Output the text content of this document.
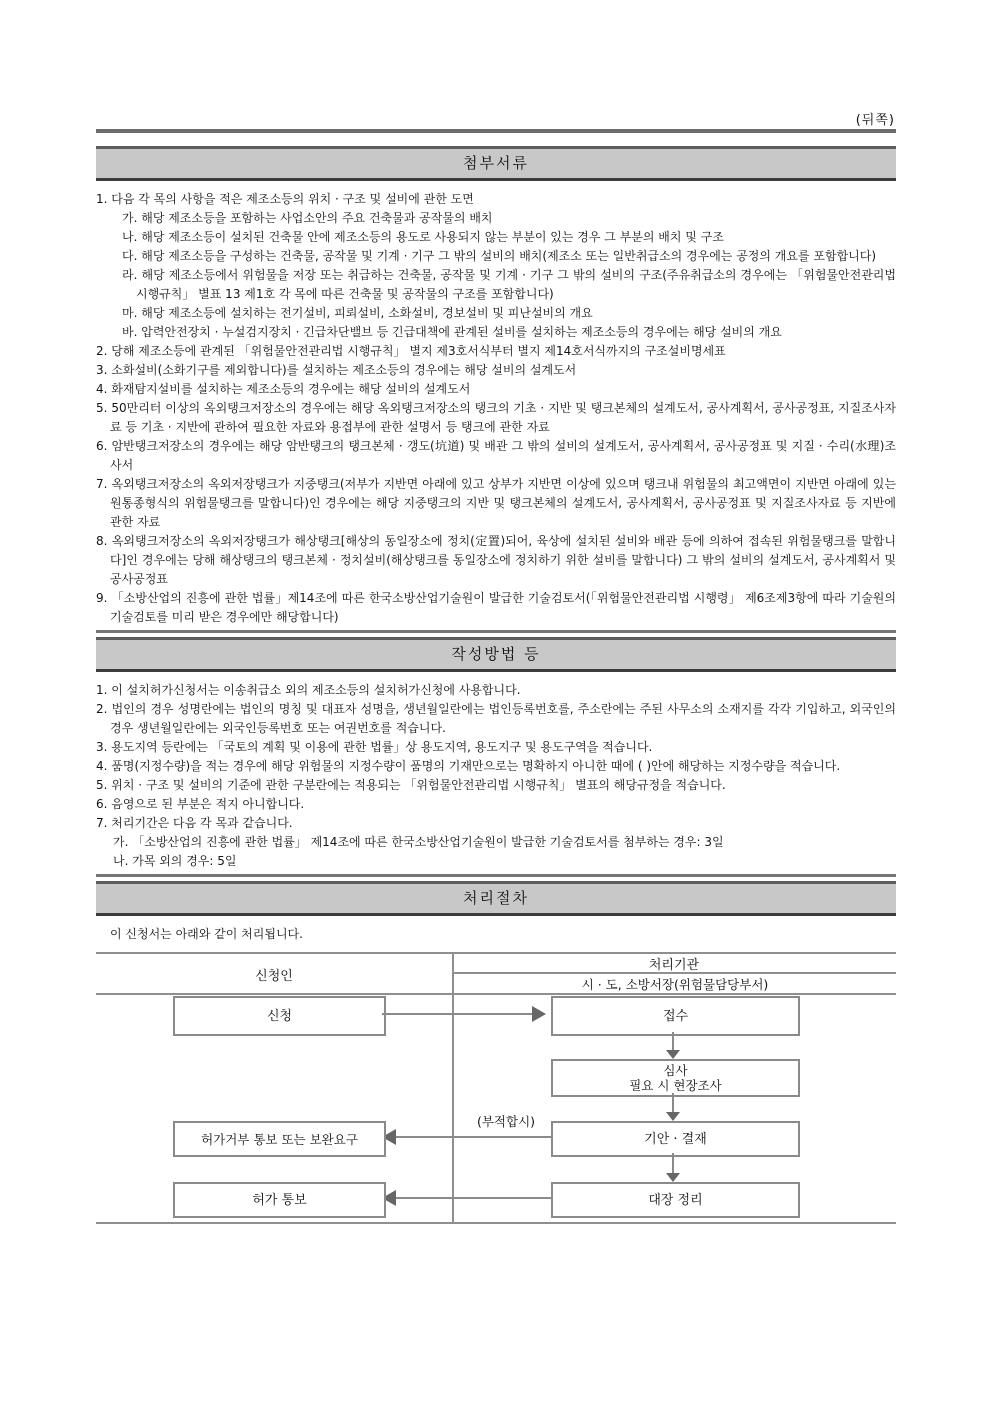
(뒤쪽)
첨부서류
1. 다음 각 목의 사항을 적은 제조소등의 위치 · 구조 및 설비에 관한 도면
가. 해당 제조소등을 포함하는 사업소안의 주요 건축물과 공작물의 배치
나. 해당 제조소등이 설치된 건축물 안에 제조소등의 용도로 사용되지 않는 부분이 있는 경우 그 부분의 배치 및 구조
다. 해당 제조소등을 구성하는 건축물, 공작물 및 기계 · 기구 그 밖의 설비의 배치(제조소 또는 일반취급소의 경우에는 공정의 개요를 포함합니다)
라. 해당 제조소등에서 위험물을 저장 또는 취급하는 건축물, 공작물 및 기계 · 기구 그 밖의 설비의 구조(주유취급소의 경우에는 「위험물안전관리법 시행규칙」 별표 13 제1호 각 목에 따른 건축물 및 공작물의 구조를 포함합니다)
마. 해당 제조소등에 설치하는 전기설비, 피뢰설비, 소화설비, 경보설비 및 피난설비의 개요
바. 압력안전장치 · 누설검지장치 · 긴급차단밸브 등 긴급대책에 관계된 설비를 설치하는 제조소등의 경우에는 해당 설비의 개요
2. 당해 제조소등에 관계된 「위험물안전관리법 시행규칙」 별지 제3호서식부터 별지 제14호서식까지의 구조설비명세표
3. 소화설비(소화기구를 제외합니다)를 설치하는 제조소등의 경우에는 해당 설비의 설계도서
4. 화재탐지설비를 설치하는 제조소등의 경우에는 해당 설비의 설계도서
5. 50만리터 이상의 옥외탱크저장소의 경우에는 해당 옥외탱크저장소의 탱크의 기초 · 지반 및 탱크본체의 설계도서, 공사계획서, 공사공정표, 지질조사자료 등 기초 · 지반에 관하여 필요한 자료와 용접부에 관한 설명서 등 탱크에 관한 자료
6. 암반탱크저장소의 경우에는 해당 암반탱크의 탱크본체 · 갱도(坑道) 및 배관 그 밖의 설비의 설계도서, 공사계획서, 공사공정표 및 지질 · 수리(水理)조사서
7. 옥외탱크저장소의 옥외저장탱크가 지중탱크(저부가 지반면 아래에 있고 상부가 지반면 이상에 있으며 탱크내 위험물의 최고액면이 지반면 아래에 있는 원통종형식의 위험물탱크를 말합니다)인 경우에는 해당 지중탱크의 지반 및 탱크본체의 설계도서, 공사계획서, 공사공정표 및 지질조사자료 등 지반에 관한 자료
8. 옥외탱크저장소의 옥외저장탱크가 해상탱크[해상의 동일장소에 정치(定置)되어, 육상에 설치된 설비와 배관 등에 의하여 접속된 위험물탱크를 말합니다]인 경우에는 당해 해상탱크의 탱크본체 · 정치설비(해상탱크를 동일장소에 정치하기 위한 설비를 말합니다) 그 밖의 설비의 설계도서, 공사계획서 및 공사공정표
9. 「소방산업의 진흥에 관한 법률」제14조에 따른 한국소방산업기술원이 발급한 기술검토서(「위험물안전관리법 시행령」 제6조제3항에 따라 기술원의 기술검토를 미리 받은 경우에만 해당합니다)
작성방법 등
1. 이 설치허가신청서는 이송취급소 외의 제조소등의 설치허가신청에 사용합니다.
2. 법인의 경우 성명란에는 법인의 명칭 및 대표자 성명을, 생년월일란에는 법인등록번호를, 주소란에는 주된 사무소의 소재지를 각각 기입하고, 외국인의 경우 생년월일란에는 외국인등록번호 또는 여권번호를 적습니다.
3. 용도지역 등란에는 「국토의 계획 및 이용에 관한 법률」상 용도지역, 용도지구 및 용도구역을 적습니다.
4. 품명(지정수량)을 적는 경우에 해당 위험물의 지정수량이 품명의 기재만으로는 명확하지 아니한 때에 ( )안에 해당하는 지정수량을 적습니다.
5. 위치 · 구조 및 설비의 기준에 관한 구분란에는 적용되는 「위험물안전관리법 시행규칙」 별표의 해당규정을 적습니다.
6. 음영으로 된 부분은 적지 아니합니다.
7. 처리기간은 다음 각 목과 같습니다.
가. 「소방산업의 진흥에 관한 법률」 제14조에 따른 한국소방산업기술원이 발급한 기술검토서를 첨부하는 경우: 3일
나. 가목 외의 경우: 5일
처리절차
이 신청서는 아래와 같이 처리됩니다.
신청인
처리기관
시 · 도, 소방서장(위험물담당부서)
신청	접수
심사
필요 시 현장조사
기안 · 결재
(부적합시)
허가거부 통보 또는 보완요구
대장 정리
허가 통보
